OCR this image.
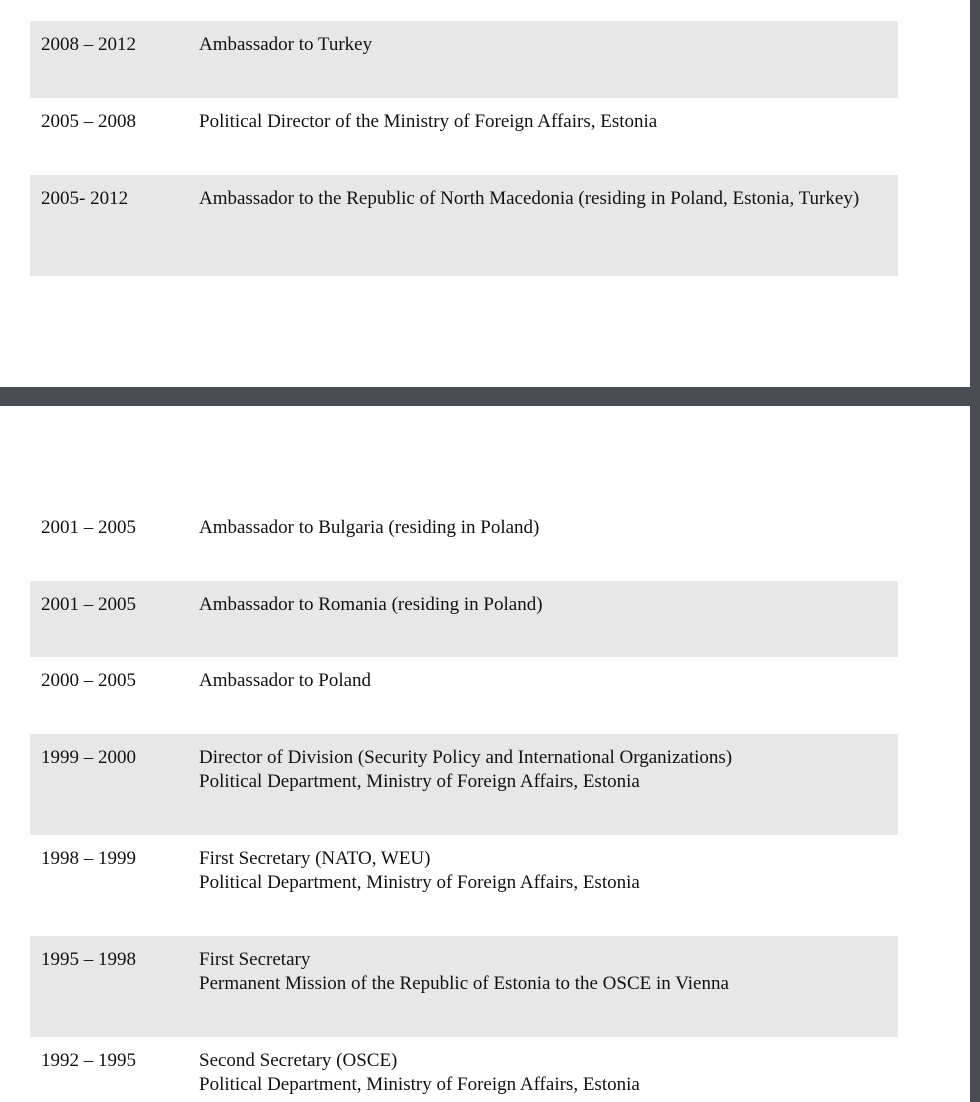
2008 – 2012	Ambassador to Turkey
2005 – 2008	Political Director of the Ministry of Foreign Affairs, Estonia
2005- 2012	Ambassador to the Republic of North Macedonia (residing in Poland, Estonia, Turkey)
2001 – 2005	Ambassador to Bulgaria (residing in Poland)
2001 – 2005	Ambassador to Romania (residing in Poland)
2000 – 2005	Ambassador to Poland
1999 – 2000	Director of Division (Security Policy and International Organizations)
Political Department, Ministry of Foreign Affairs, Estonia
1998 – 1999	First Secretary (NATO, WEU)
Political Department, Ministry of Foreign Affairs, Estonia
1995 – 1998	First Secretary
Permanent Mission of the Republic of Estonia to the OSCE in Vienna
1992 – 1995	Second Secretary (OSCE)
Political Department, Ministry of Foreign Affairs, Estonia
